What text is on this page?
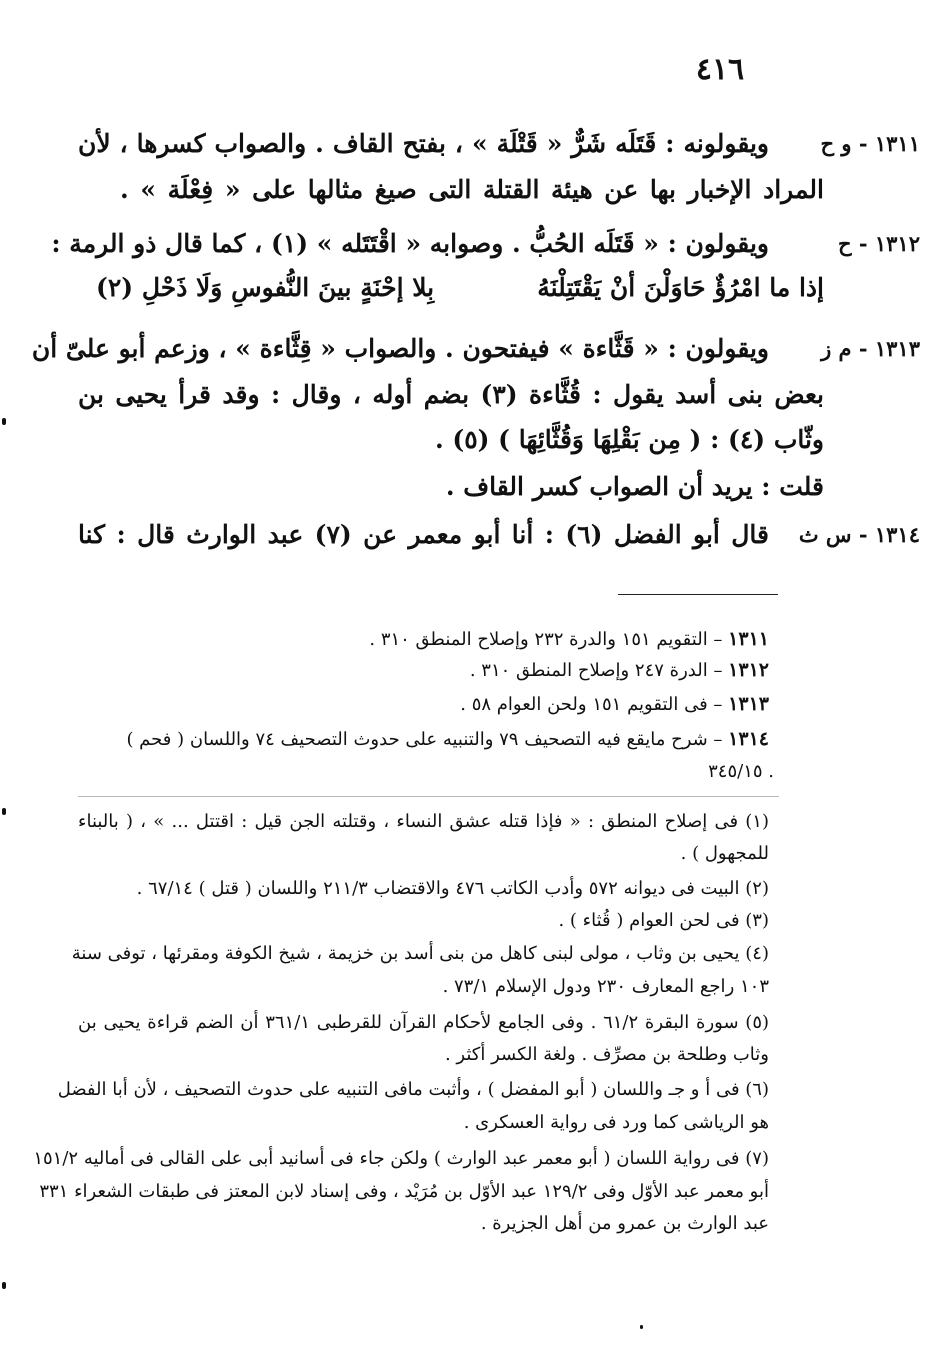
٤١٦
١٣١١ - و ح
ويقولونه : قَتَلَه شَرٌّ « قَتْلَة » ، بفتح القاف . والصواب كسرها ، لأن
المراد الإخبار بها عن هيئة القتلة التى صيغ مثالها على « فِعْلَة » .
١٣١٢ - ح
ويقولون : « قَتَلَه الحُبُّ . وصوابه « اقْتَتَله » (١) ، كما قال ذو الرمة :
إذا ما امْرُؤٌ حَاوَلْنَ أنْ يَقْتَتِلْنَهُ
بِلا إحْنَةٍ بينَ النُّفوسِ وَلَا ذَحْلِ (٢)
١٣١٣ - م ز
ويقولون : « قَثَّاءة » فيفتحون . والصواب « قِثَّاءة » ، وزعم أبو علىّ أن
بعض بنى أسد يقول : قُثَّاءة (٣) بضم أوله ، وقال : وقد قرأ يحيى بن
وثّاب (٤) : ( مِن بَقْلِهَا وَقُثَّائِهَا ) (٥) .
قلت : يريد أن الصواب كسر القاف .
١٣١٤ - س ث
قال أبو الفضل (٦) : أنا أبو معمر عن (٧) عبد الوارث قال : كنا
١٣١١ – التقويم ١٥١ والدرة ٢٣٢ وإصلاح المنطق ٣١٠ .
١٣١٢ – الدرة ٢٤٧ وإصلاح المنطق ٣١٠ .
١٣١٣ – فى التقويم ١٥١ ولحن العوام ٥٨ .
١٣١٤ – شرح مايقع فيه التصحيف ٧٩ والتنبيه على حدوث التصحيف ٧٤ واللسان ( فحم )
. ٣٤٥/١٥
(١) فى إصلاح المنطق : « فإذا قتله عشق النساء ، وقتلته الجن قيل : اقتتل ... » ، ( بالبناء
للمجهول ) .
(٢) البيت فى ديوانه ٥٧٢ وأدب الكاتب ٤٧٦ والاقتضاب ٢١١/٣ واللسان ( قتل ) ٦٧/١٤ .
(٣) فى لحن العوام ( قُثاء ) .
(٤) يحيى بن وثاب ، مولى لبنى كاهل من بنى أسد بن خزيمة ، شيخ الكوفة ومقرئها ، توفى سنة
١٠٣ راجع المعارف ٢٣٠ ودول الإسلام ٧٣/١ .
(٥) سورة البقرة ٦١/٢ . وفى الجامع لأحكام القرآن للقرطبى ٣٦١/١ أن الضم قراءة يحيى بن
وثاب وطلحة بن مصرِّف . ولغة الكسر أكثر .
(٦) فى أ و جـ واللسان ( أبو المفضل ) ، وأثبت مافى التنبيه على حدوث التصحيف ، لأن أبا الفضل
هو الرياشى كما ورد فى رواية العسكرى .
(٧) فى رواية اللسان ( أبو معمر عبد الوارث ) ولكن جاء فى أسانيد أبى على القالى فى أماليه ١٥١/٢
أبو معمر عبد الأوّل وفى ١٢٩/٢ عبد الأوّل بن مُرَيْد ، وفى إسناد لابن المعتز فى طبقات الشعراء ٣٣١
عبد الوارث بن عمرو من أهل الجزيرة .
